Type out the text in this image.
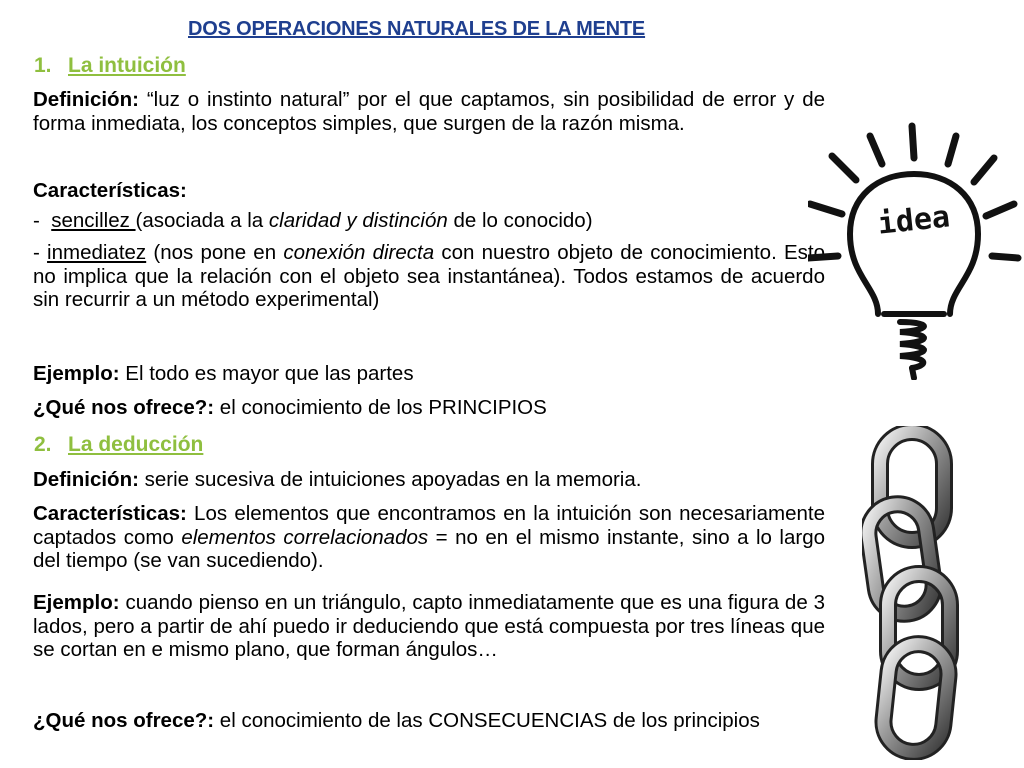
DOS OPERACIONES NATURALES DE LA MENTE
1. La intuición
Definición: “luz o instinto natural” por el que captamos, sin posibilidad de error y de forma inmediata, los conceptos simples, que surgen de la razón misma.
Características:
- sencillez (asociada a la claridad y distinción de lo conocido)
- inmediatez (nos pone en conexión directa con nuestro objeto de conocimiento. Esto no implica que la relación con el objeto sea instantánea). Todos estamos de acuerdo sin recurrir a un método experimental)
Ejemplo: El todo es mayor que las partes
¿Qué nos ofrece?: el conocimiento de los PRINCIPIOS
2. La deducción
Definición: serie sucesiva de intuiciones apoyadas en la memoria.
Características: Los elementos que encontramos en la intuición son necesariamente captados como elementos correlacionados = no en el mismo instante, sino a lo largo del tiempo (se van sucediendo).
Ejemplo: cuando pienso en un triángulo, capto inmediatamente que es una figura de 3 lados, pero a partir de ahí puedo ir deduciendo que está compuesta por tres líneas que se cortan en e mismo plano, que forman ángulos…
¿Qué nos ofrece?: el conocimiento de las CONSECUENCIAS de los principios
idea
